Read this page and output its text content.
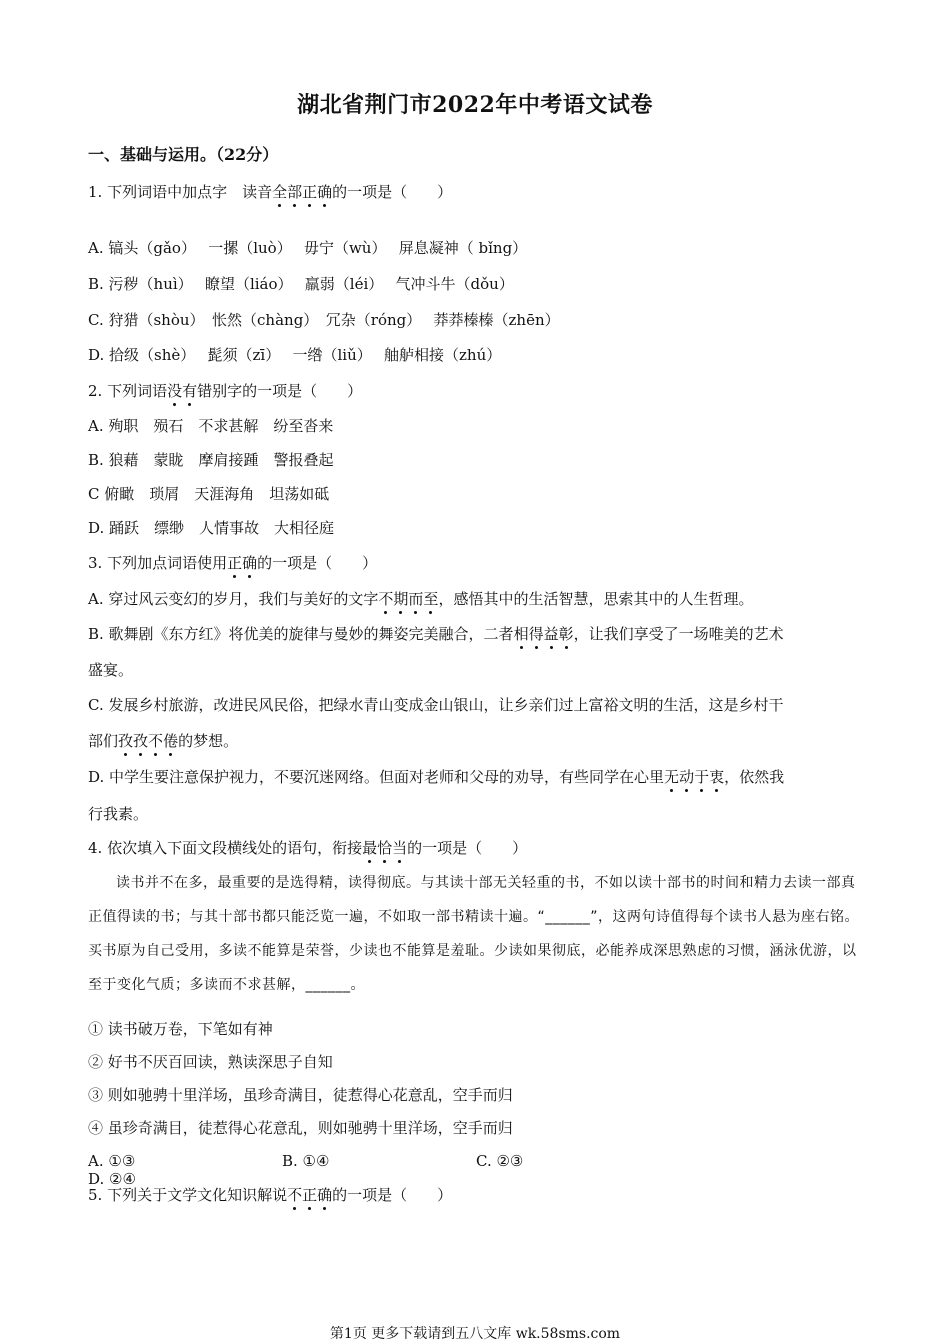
湖北省荆门市2022年中考语文试卷
一、基础与运用。（22分）
1. 下列词语中加点字　读音全部正确的一项是（　　）
A. 镐头（gǎo）　 一摞（luò）　 毋宁（wù）　 屏息凝神（ bǐng）
B. 污秽（huì）　 瞭望（liáo）　 羸弱（léi）　 气冲斗牛（dǒu）
C. 狩猎（shòu）　怅然（chàng）　冗杂（róng）　 莽莽榛榛（zhēn）
D. 拾级（shè）　 髭须（zī）　 一绺（liǔ）　 舳舻相接（zhú）
2. 下列词语没有错别字的一项是（　　）
A. 殉职　殒石　不求甚解　纷至沓来
B. 狼藉　蒙眬　摩肩接踵　警报叠起
C 俯瞰　琐屑　天涯海角　坦荡如砥
D. 踊跃　缥缈　人情事故　大相径庭
3. 下列加点词语使用正确的一项是（　　）
A. 穿过风云变幻的岁月，我们与美好的文字不期而至，感悟其中的生活智慧，思索其中的人生哲理。
B. 歌舞剧《东方红》将优美的旋律与曼妙的舞姿完美融合，二者相得益彰，让我们享受了一场唯美的艺术
盛宴。
C. 发展乡村旅游，改进民风民俗，把绿水青山变成金山银山，让乡亲们过上富裕文明的生活，这是乡村干
部们孜孜不倦的梦想。
D. 中学生要注意保护视力，不要沉迷网络。但面对老师和父母的劝导，有些同学在心里无动于衷，依然我
行我素。
4. 依次填入下面文段横线处的语句，衔接最恰当的一项是（　　）

读书并不在多，最重要的是选得精，读得彻底。与其读十部无关轻重的书，不如以读十部书的时间和精力去读一部真正值得读的书；与其十部书都只能泛览一遍，不如取一部书精读十遍。“______”，这两句诗值得每个读书人悬为座右铭。买书原为自己受用，多读不能算是荣誉，少读也不能算是羞耻。少读如果彻底，必能养成深思熟虑的习惯，涵泳优游，以至于变化气质；多读而不求甚解，______。

① 读书破万卷，下笔如有神
② 好书不厌百回读，熟读深思子自知
③ 则如驰骋十里洋场，虽珍奇满目，徒惹得心花意乱，空手而归
④ 虽珍奇满目，徒惹得心花意乱，则如驰骋十里洋场，空手而归
A. ①③	B. ①④	C. ②③D. ②④
5. 下列关于文学文化知识解说不正确的一项是（　　）
第1页 更多下载请到五八文库 wk.58sms.com
